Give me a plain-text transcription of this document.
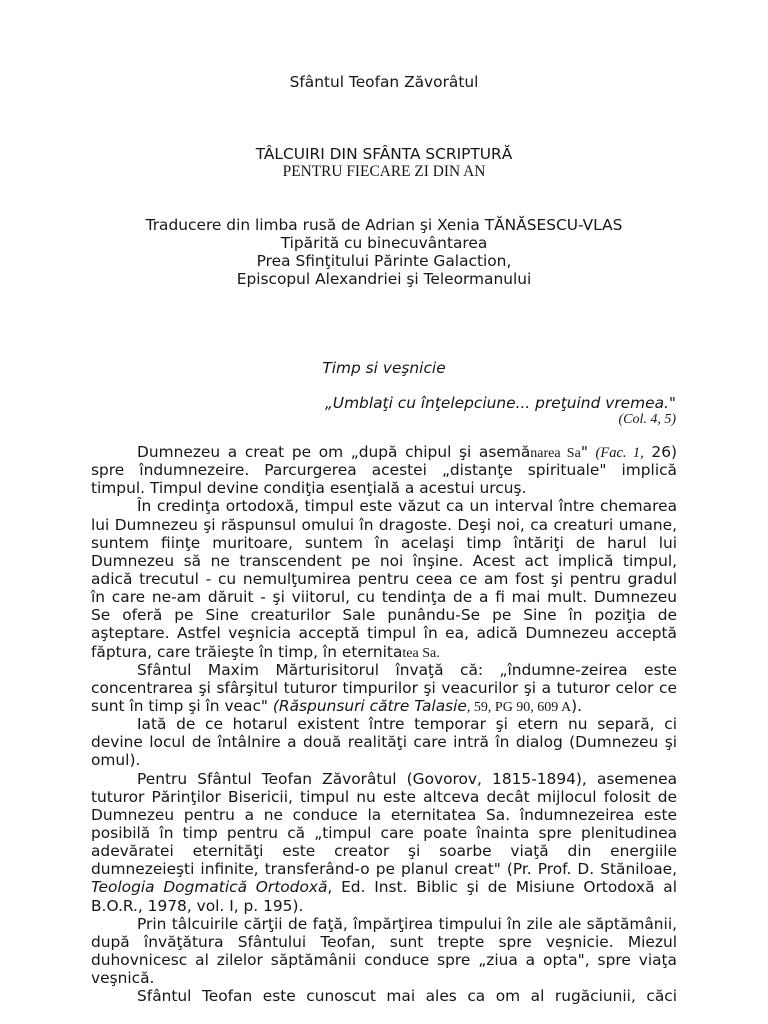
Sfântul Teofan Zăvorâtul
TÂLCUIRI DIN SFÂNTA SCRIPTURĂ
PENTRU FIECARE ZI DIN AN
Traducere din limba rusă de Adrian şi Xenia TĂNĂSESCU-VLAS
Tipărită cu binecuvântarea
Prea Sfinţitului Părinte Galaction,
Episcopul Alexandriei şi Teleormanului
Timp si veşnicie
„Umblaţi cu înţelepciune... preţuind vremea."
(Col. 4, 5)
Dumnezeu a creat pe om „după chipul şi asemănarea Sa" (Fac. 1, 26)
spre îndumnezeire. Parcurgerea acestei „distanţe spirituale" implică
timpul. Timpul devine condiţia esenţială a acestui urcuş.
În credinţa ortodoxă, timpul este văzut ca un interval între chemarea
lui Dumnezeu şi răspunsul omului în dragoste. Deşi noi, ca creaturi umane,
suntem fiinţe muritoare, suntem în acelaşi timp întăriţi de harul lui
Dumnezeu să ne transcendent pe noi înşine. Acest act implică timpul,
adică trecutul - cu nemulţumirea pentru ceea ce am fost şi pentru gradul
în care ne-am dăruit - şi viitorul, cu tendinţa de a fi mai mult. Dumnezeu
Se oferă pe Sine creaturilor Sale punându-Se pe Sine în poziţia de
aşteptare. Astfel veşnicia acceptă timpul în ea, adică Dumnezeu acceptă
făptura, care trăieşte în timp, în eternitatea Sa.
Sfântul Maxim Mărturisitorul învaţă că: „îndumne-zeirea este
concentrarea şi sfârşitul tuturor timpurilor şi veacurilor şi a tuturor celor ce
sunt în timp şi în veac" (Răspunsuri către Talasie, 59, PG 90, 609 A).
Iată de ce hotarul existent între temporar şi etern nu separă, ci
devine locul de întâlnire a două realităţi care intră în dialog (Dumnezeu şi
omul).
Pentru Sfântul Teofan Zăvorâtul (Govorov, 1815-1894), asemenea
tuturor Părinţilor Bisericii, timpul nu este altceva decât mijlocul folosit de
Dumnezeu pentru a ne conduce la eternitatea Sa. îndumnezeirea este
posibilă în timp pentru că „timpul care poate înainta spre plenitudinea
adevăratei eternităţi este creator şi soarbe viaţă din energiile
dumnezeieşti infinite, transferând-o pe planul creat" (Pr. Prof. D. Stăniloae,
Teologia Dogmatică Ortodoxă, Ed. Inst. Biblic şi de Misiune Ortodoxă al
B.O.R., 1978, vol. I, p. 195).
Prin tâlcuirile cărţii de faţă, împărţirea timpului în zile ale săptămânii,
după învăţătura Sfântului Teofan, sunt trepte spre veşnicie. Miezul
duhovnicesc al zilelor săptămânii conduce spre „ziua a opta", spre viaţa
veşnică.
Sfântul Teofan este cunoscut mai ales ca om al rugăciunii, căci
